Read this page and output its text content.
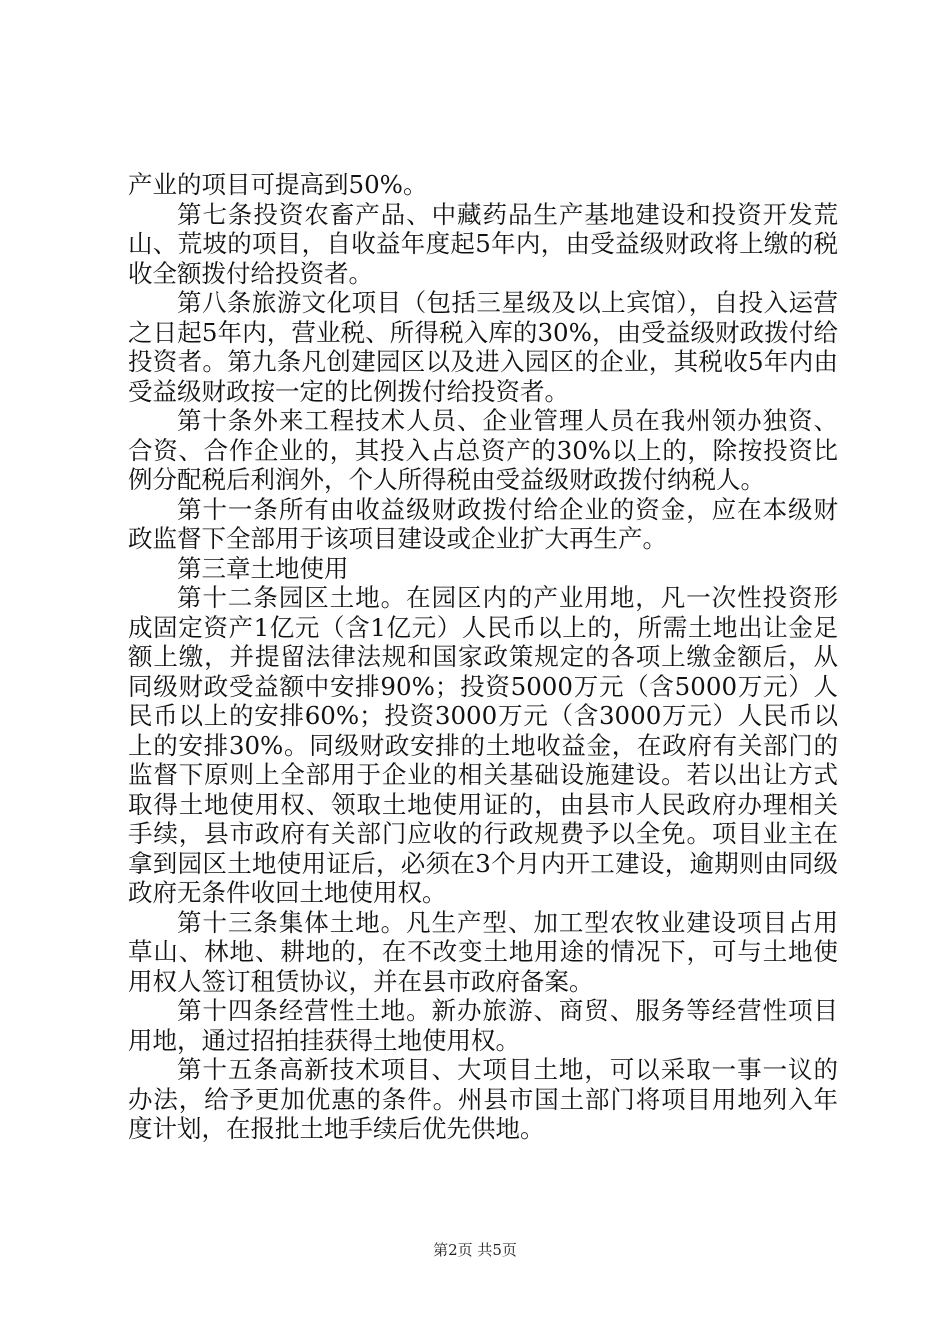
产业的项目可提高到50%。

第七条投资农畜产品、中藏药品生产基地建设和投资开发荒山、荒坡的项目，自收益年度起5年内，由受益级财政将上缴的税收全额拨付给投资者。

第八条旅游文化项目（包括三星级及以上宾馆），自投入运营之日起5年内，营业税、所得税入库的30%，由受益级财政拨付给投资者。第九条凡创建园区以及进入园区的企业，其税收5年内由受益级财政按一定的比例拨付给投资者。

第十条外来工程技术人员、企业管理人员在我州领办独资、合资、合作企业的，其投入占总资产的30%以上的，除按投资比例分配税后利润外，个人所得税由受益级财政拨付纳税人。

第十一条所有由收益级财政拨付给企业的资金，应在本级财政监督下全部用于该项目建设或企业扩大再生产。

第三章土地使用

第十二条园区土地。在园区内的产业用地，凡一次性投资形成固定资产1亿元（含1亿元）人民币以上的，所需土地出让金足额上缴，并提留法律法规和国家政策规定的各项上缴金额后，从同级财政受益额中安排90%；投资5000万元（含5000万元）人民币以上的安排60%；投资3000万元（含3000万元）人民币以上的安排30%。同级财政安排的土地收益金，在政府有关部门的监督下原则上全部用于企业的相关基础设施建设。若以出让方式取得土地使用权、领取土地使用证的，由县市人民政府办理相关手续，县市政府有关部门应收的行政规费予以全免。项目业主在拿到园区土地使用证后，必须在3个月内开工建设，逾期则由同级政府无条件收回土地使用权。

第十三条集体土地。凡生产型、加工型农牧业建设项目占用草山、林地、耕地的，在不改变土地用途的情况下，可与土地使用权人签订租赁协议，并在县市政府备案。

第十四条经营性土地。新办旅游、商贸、服务等经营性项目用地，通过招拍挂获得土地使用权。

第十五条高新技术项目、大项目土地，可以采取一事一议的办法，给予更加优惠的条件。州县市国土部门将项目用地列入年度计划，在报批土地手续后优先供地。

第2页 共5页
